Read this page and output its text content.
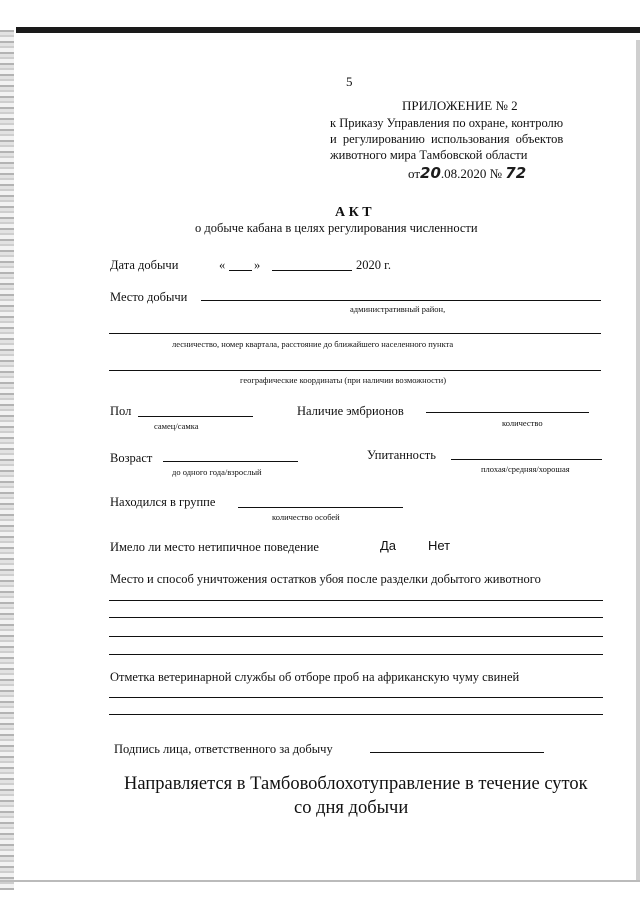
5
ПРИЛОЖЕНИЕ № 2
к Приказу Управления по охране, контролю
и регулированию использования объектов
животного мира Тамбовской области
от20.08.2020 № 72
А К Т
о добыче кабана в целях регулирования численности
Дата добычи	« »	2020 г.
Место добычи
административный район,
лесничество, номер квартала, расстояние до ближайшего населенного пункта
географические координаты (при наличии возможности)
Пол
самец/самка
Наличие эмбрионов
количество
Возраст
до одного года/взрослый
Упитанность
плохая/средняя/хорошая
Находился в группе
количество особей
Имело ли место нетипичное поведение	Да Нет
Место и способ уничтожения остатков убоя после разделки добытого животного
Отметка ветеринарной службы об отборе проб на африканскую чуму свиней
Подпись лица, ответственного за добычу
Направляется в Тамбовоблохотуправление в течение суток
со дня добычи
